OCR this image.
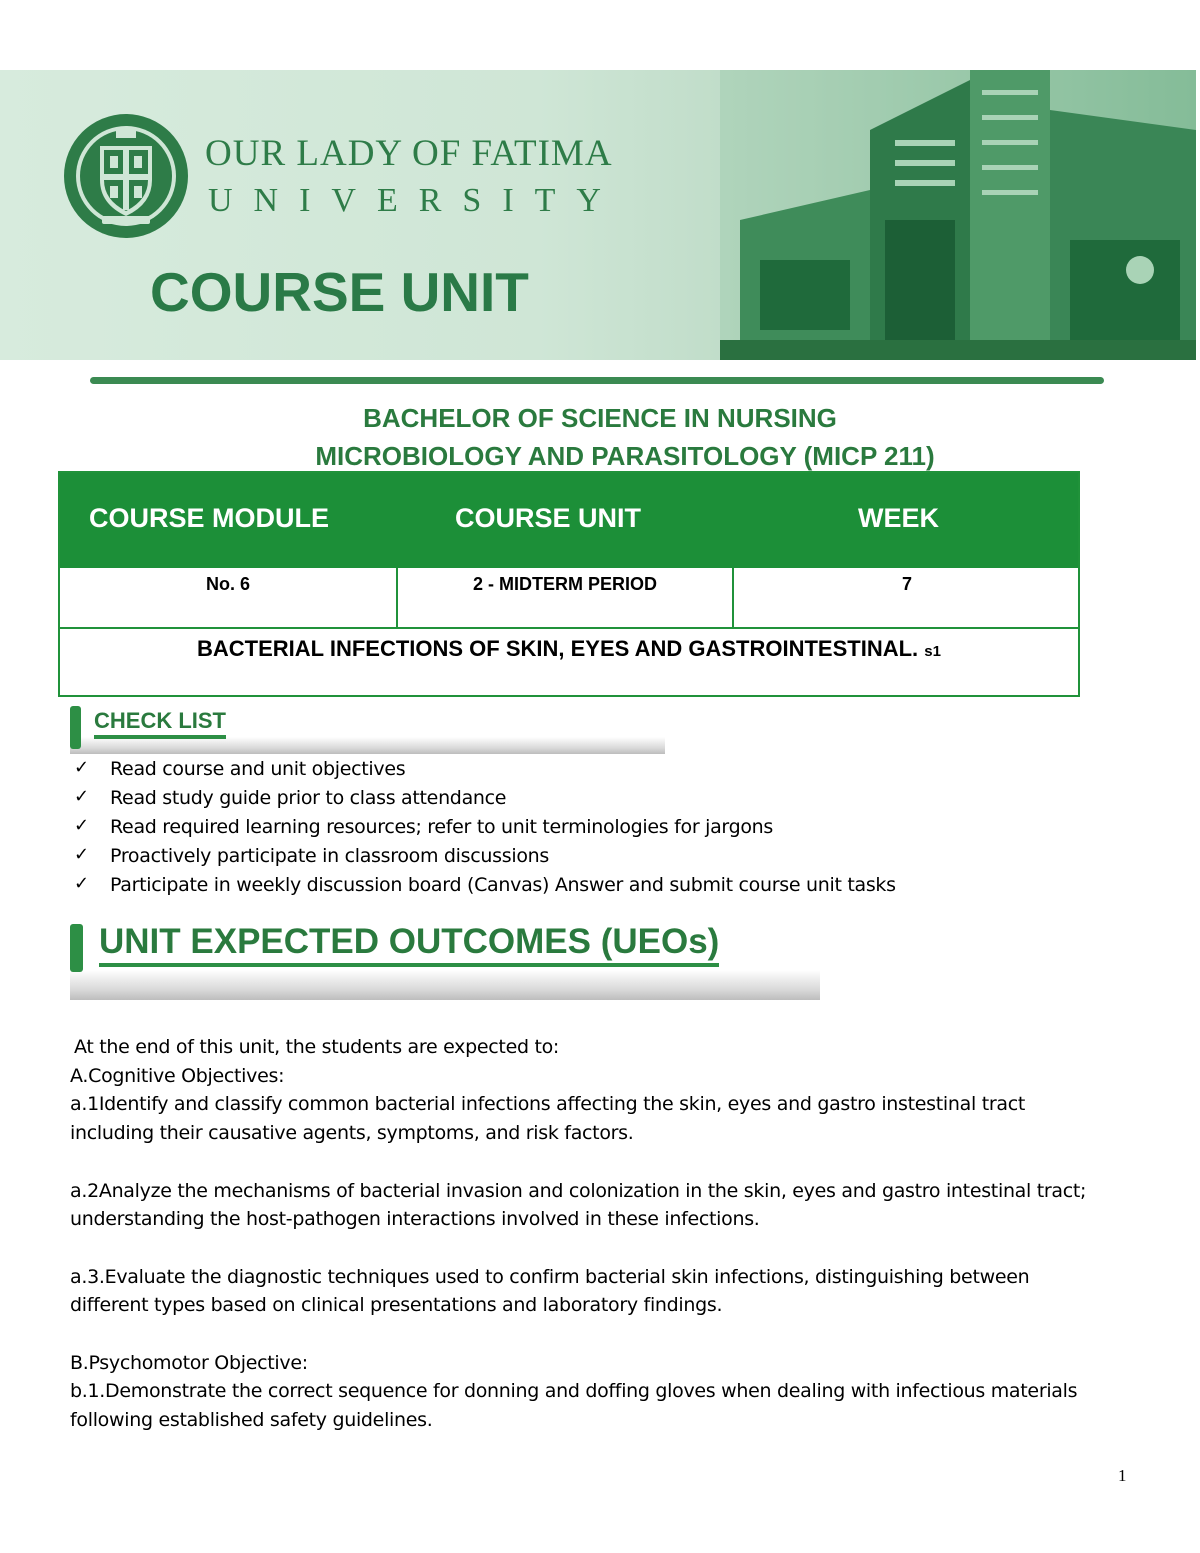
OUR LADY OF FATIMA
UNIVERSITY
COURSE UNIT
BACHELOR OF SCIENCE IN NURSING
MICROBIOLOGY AND PARASITOLOGY (MICP 211)
COURSE MODULE	COURSE UNIT	WEEK
No. 6	2 - MIDTERM PERIOD	7
BACTERIAL INFECTIONS OF SKIN, EYES AND GASTROINTESTINAL. s1
CHECK LIST
✓ Read course and unit objectives
✓ Read study guide prior to class attendance
✓ Read required learning resources; refer to unit terminologies for jargons
✓ Proactively participate in classroom discussions
✓ Participate in weekly discussion board (Canvas) Answer and submit course unit tasks
UNIT EXPECTED OUTCOMES (UEOs)
At the end of this unit, the students are expected to:
A.Cognitive Objectives:
a.1Identify and classify common bacterial infections affecting the skin, eyes and gastro instestinal tract
including their causative agents, symptoms, and risk factors.
a.2Analyze the mechanisms of bacterial invasion and colonization in the skin, eyes and gastro intestinal tract;
understanding the host-pathogen interactions involved in these infections.
a.3.Evaluate the diagnostic techniques used to confirm bacterial skin infections, distinguishing between
different types based on clinical presentations and laboratory findings.
B.Psychomotor Objective:
b.1.Demonstrate the correct sequence for donning and doffing gloves when dealing with infectious materials
following established safety guidelines.
1
